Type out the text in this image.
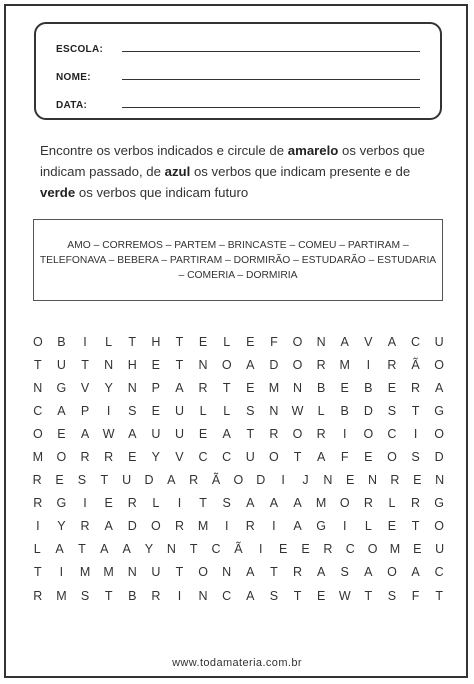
ESCOLA:
NOME:
DATA:
Encontre os verbos indicados e circule de amarelo os verbos que indicam passado, de azul os verbos que indicam presente e de verde os verbos que indicam futuro
AMO – CORREMOS – PARTEM – BRINCASTE – COMEU – PARTIRAM –
TELEFONAVA – BEBERA – PARTIRAM – DORMIRÃO – ESTUDARÃO – ESTUDARIA
– COMERIA – DORMIRIA
O	B	I	L	T	H	T	E	L	E	F	O	N	A	V	A	C	U
T	U	T	N	H	E	T	N	O	A	D	O	R	M	I	R	Ã	O
N	G	V	Y	N	P	A	R	T	E	M	N	B	E	B	E	R	A
C	A	P	I	S	E	U	L	L	S	N	W	L	B	D	S	T	G
O	E	A	W	A	U	U	E	A	T	R	O	R	I	O	C	I	O
M	O	R	R	E	Y	V	C	C	U	O	T	A	F	E	O	S	D
R	E	S	T	U	D	A	R	Ã	O	D	I	J	N	E	N	R	E	N
R	G	I	E	R	L	I	T	S	A	A	A	M	O	R	L	R	G
I	Y	R	A	D	O	R	M	I	R	I	A	G	I	L	E	T	O
L	A	T	A	A	Y	N	T	C	Ã	I	E	E	R	C	O M	E	U
T	I	M	M	N	U	T	O	N	A	T	R	A	S	A	O	A	C
R	M	S	T	B	R	I	N	C	A	S	T	E	W	T	S	F	T
www.todamateria.com.br
